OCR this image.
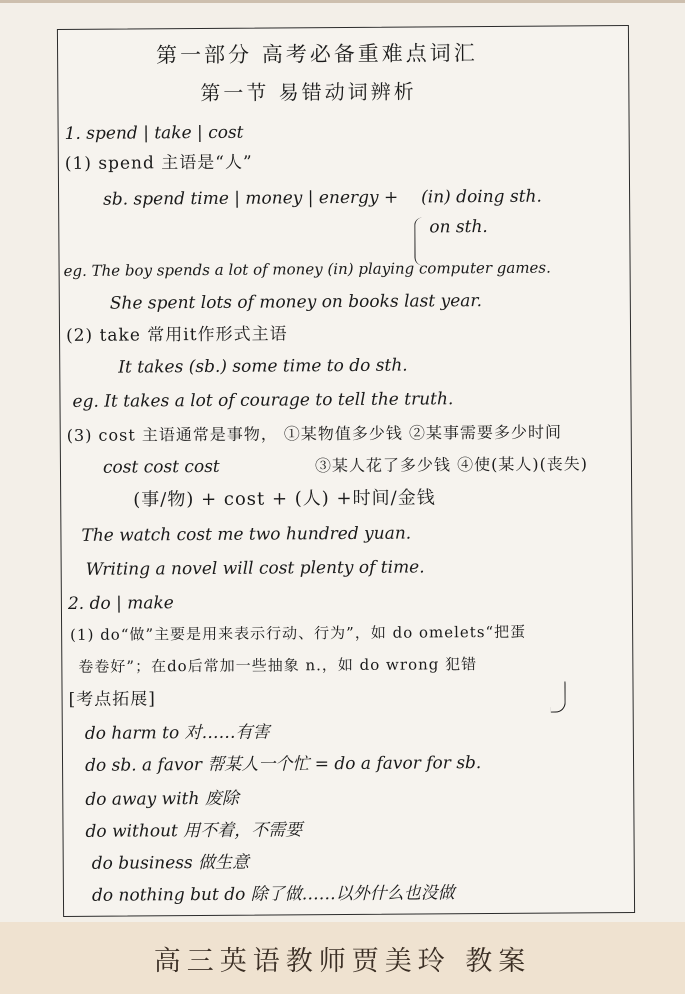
第一部分 高考必备重难点词汇
第一节 易错动词辨析
1. spend | take | cost
(1) spend 主语是“人”
sb. spend time | money | energy + (in) doing sth.
on sth.
eg. The boy spends a lot of money (in) playing computer games.
She spent lots of money on books last year.
(2) take 常用it作形式主语
It takes (sb.) some time to do sth.
eg. It takes a lot of courage to tell the truth.
(3) cost 主语通常是事物， ①某物值多少钱 ②某事需要多少时间
cost cost cost	③某人花了多少钱 ④使(某人)(丧失)
(事/物) + cost + (人) +时间/金钱
The watch cost me two hundred yuan.
Writing a novel will cost plenty of time.
2. do | make
(1) do“做”主要是用来表示行动、行为”，如 do omelets“把蛋
卷卷好”；在do后常加一些抽象 n.，如 do wrong 犯错
[考点拓展]
do harm to 对……有害
do sb. a favor 帮某人一个忙 = do a favor for sb.
do away with 废除
do without 用不着，不需要
do business 做生意
do nothing but do 除了做……以外什么也没做
高三英语教师贾美玲 教案
